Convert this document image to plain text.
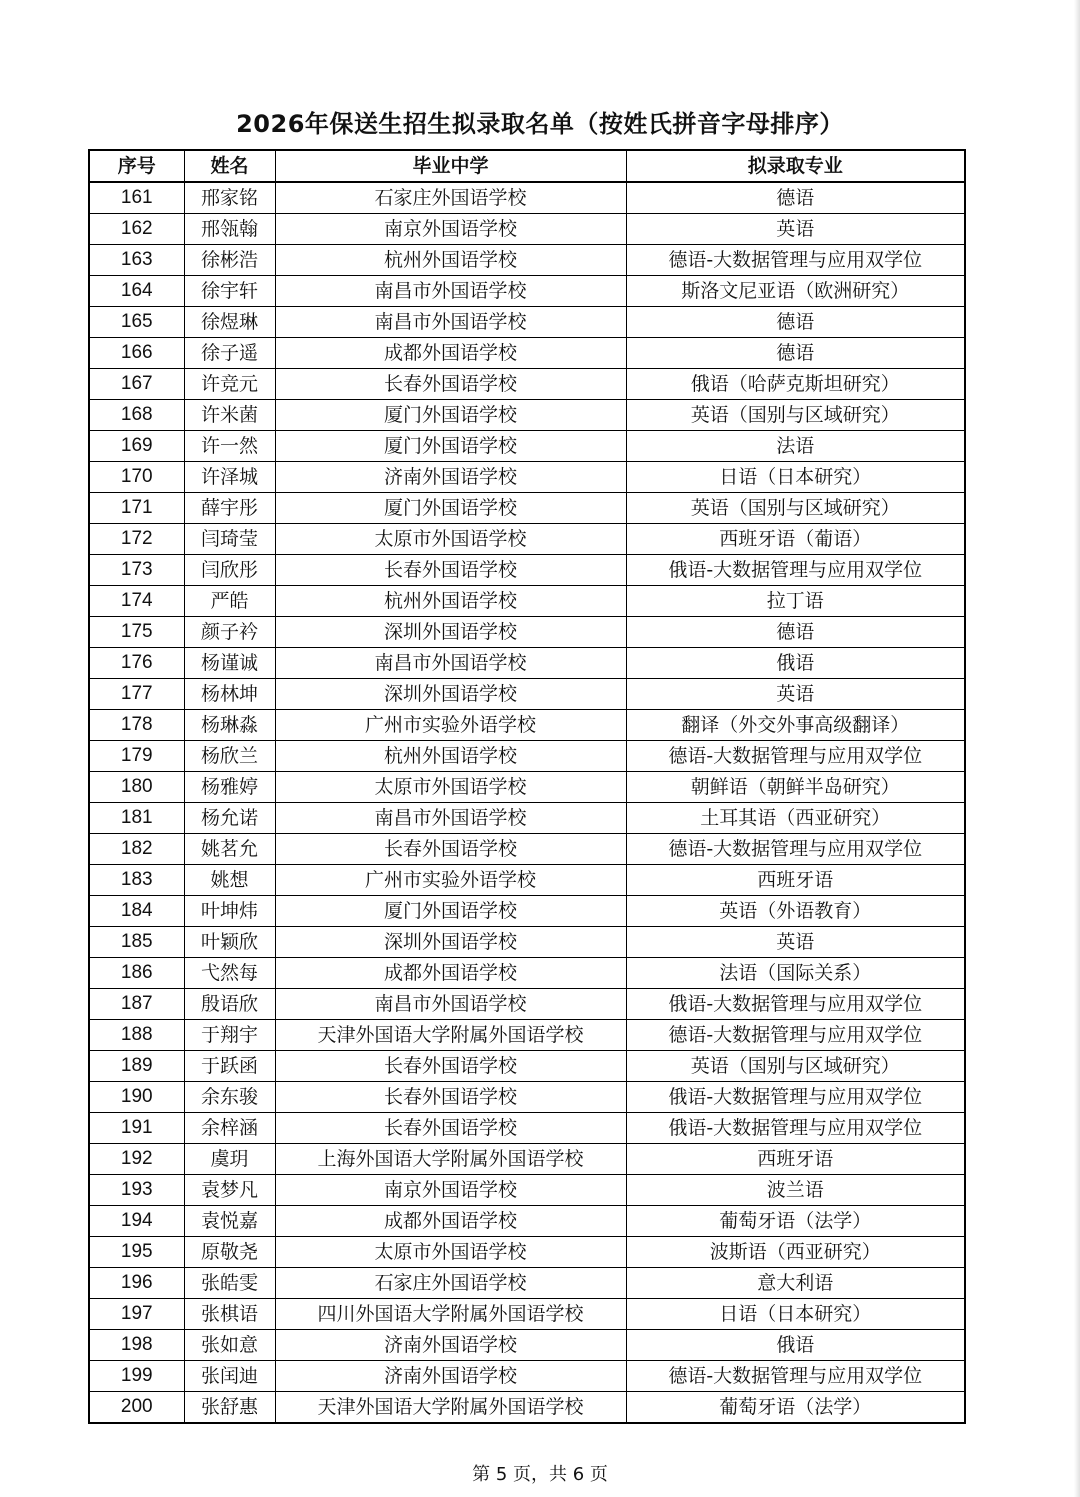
2026年保送生招生拟录取名单（按姓氏拼音字母排序）
序号	姓名	毕业中学	拟录取专业
161	邢家铭	石家庄外国语学校	德语
162	邢瓴翰	南京外国语学校	英语
163	徐彬浩	杭州外国语学校	德语-大数据管理与应用双学位
164	徐宇轩	南昌市外国语学校	斯洛文尼亚语（欧洲研究）
165	徐煜琳	南昌市外国语学校	德语
166	徐子遥	成都外国语学校	德语
167	许竞元	长春外国语学校	俄语（哈萨克斯坦研究）
168	许米菌	厦门外国语学校	英语（国别与区域研究）
169	许一然	厦门外国语学校	法语
170	许泽城	济南外国语学校	日语（日本研究）
171	薛宇彤	厦门外国语学校	英语（国别与区域研究）
172	闫琦莹	太原市外国语学校	西班牙语（葡语）
173	闫欣彤	长春外国语学校	俄语-大数据管理与应用双学位
174	严皓	杭州外国语学校	拉丁语
175	颜子衿	深圳外国语学校	德语
176	杨谨诚	南昌市外国语学校	俄语
177	杨林坤	深圳外国语学校	英语
178	杨琳淼	广州市实验外语学校	翻译（外交外事高级翻译）
179	杨欣兰	杭州外国语学校	德语-大数据管理与应用双学位
180	杨雅婷	太原市外国语学校	朝鲜语（朝鲜半岛研究）
181	杨允诺	南昌市外国语学校	土耳其语（西亚研究）
182	姚茗允	长春外国语学校	德语-大数据管理与应用双学位
183	姚想	广州市实验外语学校	西班牙语
184	叶坤炜	厦门外国语学校	英语（外语教育）
185	叶颖欣	深圳外国语学校	英语
186	弋然每	成都外国语学校	法语（国际关系）
187	殷语欣	南昌市外国语学校	俄语-大数据管理与应用双学位
188	于翔宇	天津外国语大学附属外国语学校	德语-大数据管理与应用双学位
189	于跃函	长春外国语学校	英语（国别与区域研究）
190	余东骏	长春外国语学校	俄语-大数据管理与应用双学位
191	余梓涵	长春外国语学校	俄语-大数据管理与应用双学位
192	虞玥	上海外国语大学附属外国语学校	西班牙语
193	袁梦凡	南京外国语学校	波兰语
194	袁悦嘉	成都外国语学校	葡萄牙语（法学）
195	原敬尧	太原市外国语学校	波斯语（西亚研究）
196	张皓雯	石家庄外国语学校	意大利语
197	张棋语	四川外国语大学附属外国语学校	日语（日本研究）
198	张如意	济南外国语学校	俄语
199	张闰迪	济南外国语学校	德语-大数据管理与应用双学位
200	张舒惠	天津外国语大学附属外国语学校	葡萄牙语（法学）
第 5 页，共 6 页
